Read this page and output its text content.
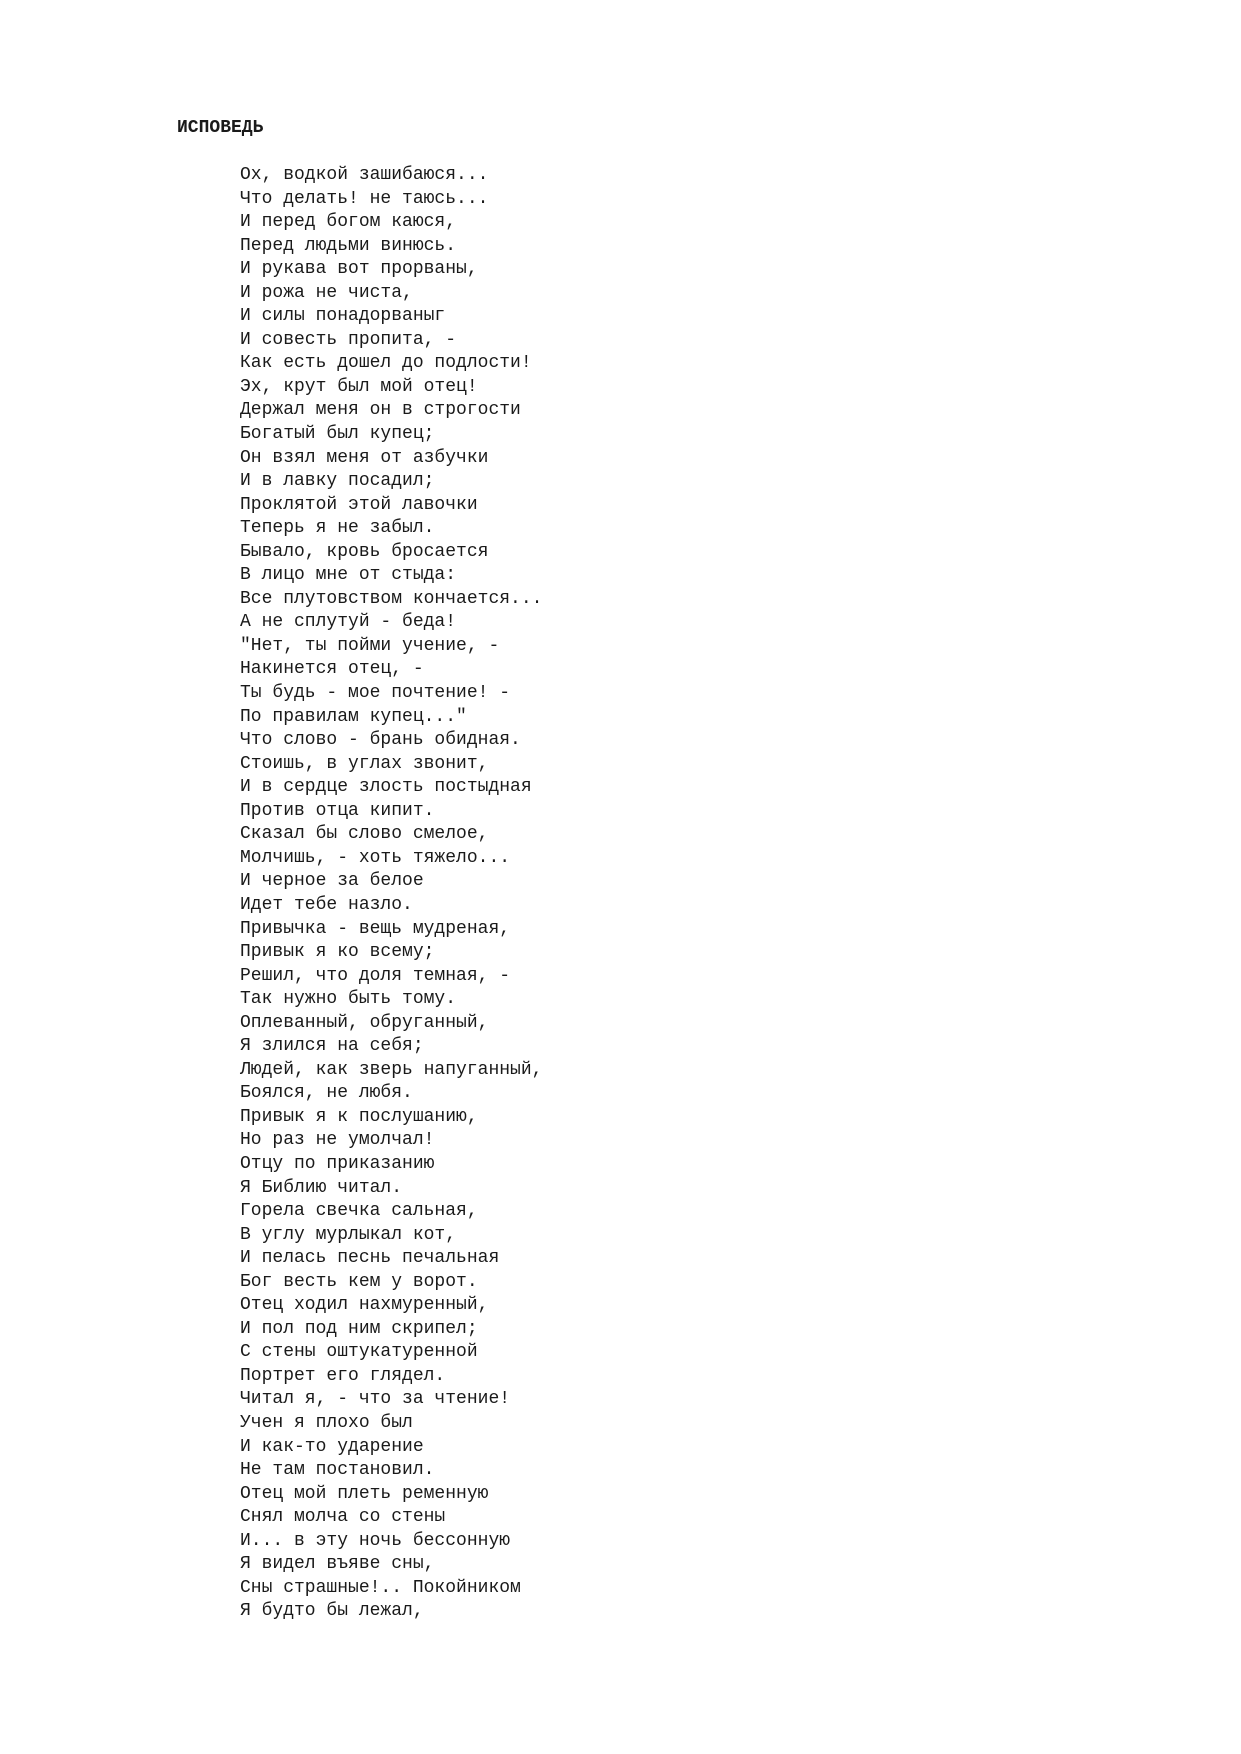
ИСПОВЕДЬ
Ох, водкой зашибаюся...
Что делать! не таюсь...
И перед богом каюся,
Перед людьми винюсь.
И рукава вот прорваны,
И рожа не чиста,
И силы понадорваныг
И совесть пропита, -
Как есть дошел до подлости!
Эх, крут был мой отец!
Держал меня он в строгости
Богатый был купец;
Он взял меня от азбучки
И в лавку посадил;
Проклятой этой лавочки
Теперь я не забыл.
Бывало, кровь бросается
В лицо мне от стыда:
Все плутовством кончается...
А не сплутуй - беда!
"Нет, ты пойми учение, -
Накинется отец, -
Ты будь - мое почтение! -
По правилам купец..."
Что слово - брань обидная.
Стоишь, в углах звонит,
И в сердце злость постыдная
Против отца кипит.
Сказал бы слово смелое,
Молчишь, - хоть тяжело...
И черное за белое
Идет тебе назло.
Привычка - вещь мудреная,
Привык я ко всему;
Решил, что доля темная, -
Так нужно быть тому.
Оплеванный, обруганный,
Я злился на себя;
Людей, как зверь напуганный,
Боялся, не любя.
Привык я к послушанию,
Но раз не умолчал!
Отцу по приказанию
Я Библию читал.
Горела свечка сальная,
В углу мурлыкал кот,
И пелась песнь печальная
Бог весть кем у ворот.
Отец ходил нахмуренный,
И пол под ним скрипел;
С стены оштукатуренной
Портрет его глядел.
Читал я, - что за чтение!
Учен я плохо был
И как-то ударение
Не там постановил.
Отец мой плеть ременную
Снял молча со стены
И... в эту ночь бессонную
Я видел въяве сны,
Сны страшные!.. Покойником
Я будто бы лежал,
